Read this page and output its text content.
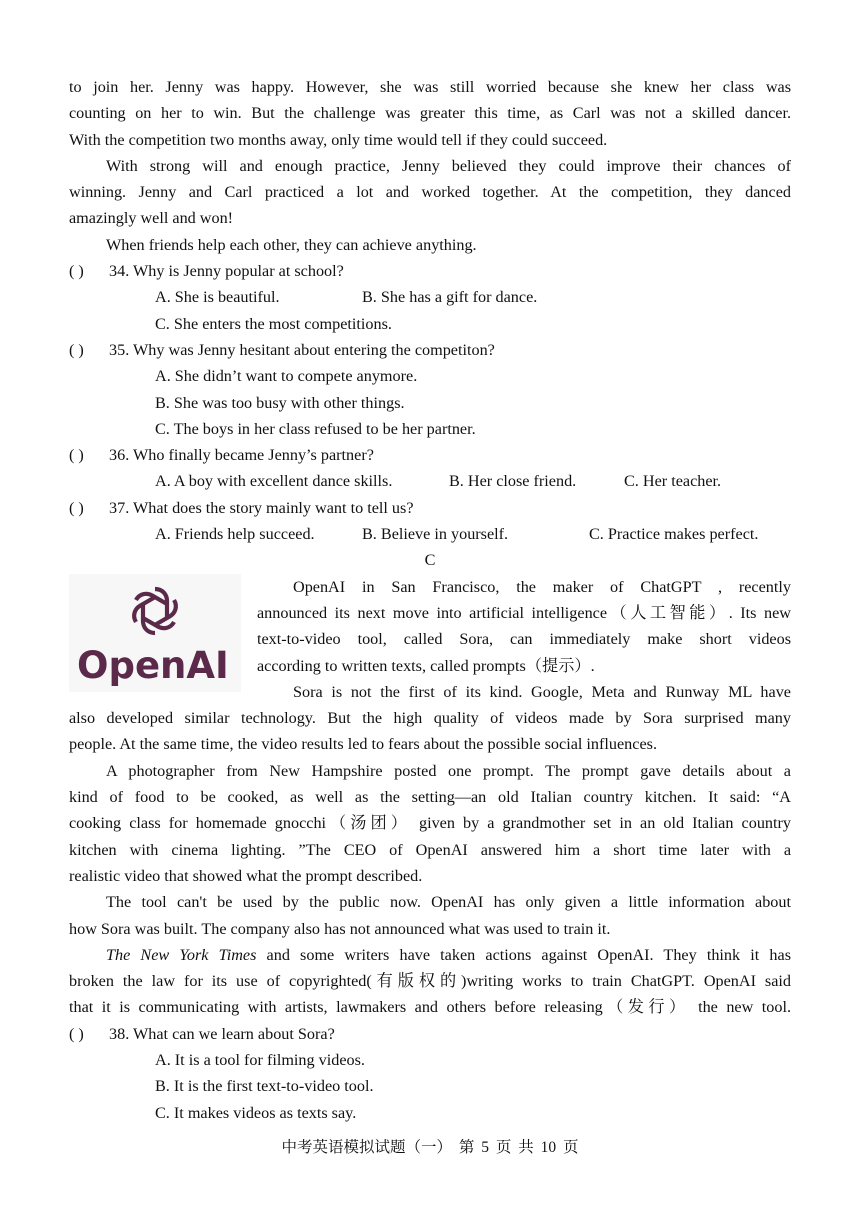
to join her. Jenny was happy. However, she was still worried because she knew her class was
counting on her to win. But the challenge was greater this time, as Carl was not a skilled dancer.
With the competition two months away, only time would tell if they could succeed.
With strong will and enough practice, Jenny believed they could improve their chances of
winning. Jenny and Carl practiced a lot and worked together. At the competition, they danced
amazingly well and won!
When friends help each other, they can achieve anything.
( ) 34. Why is Jenny popular at school?
A. She is beautiful.	B. She has a gift for dance.
C. She enters the most competitions.
( ) 35. Why was Jenny hesitant about entering the competiton?
A. She didn’t want to compete anymore.
B. She was too busy with other things.
C. The boys in her class refused to be her partner.
( ) 36. Who finally became Jenny’s partner?
A. A boy with excellent dance skills.	B. Her close friend.	C. Her teacher.
( ) 37. What does the story mainly want to tell us?
A. Friends help succeed.	B. Believe in yourself.	C. Practice makes perfect.
C
OpenAI
OpenAI in San Francisco, the maker of ChatGPT , recently
announced its next move into artificial intelligence（人工智能）. Its new
text-to-video tool, called Sora, can immediately make short videos
according to written texts, called prompts（提示）.
Sora is not the first of its kind. Google, Meta and Runway ML have
also developed similar technology. But the high quality of videos made by Sora surprised many
people. At the same time, the video results led to fears about the possible social influences.
A photographer from New Hampshire posted one prompt. The prompt gave details about a
kind of food to be cooked, as well as the setting—an old Italian country kitchen. It said: “A
cooking class for homemade gnocchi（汤团） given by a grandmother set in an old Italian country
kitchen with cinema lighting. ”The CEO of OpenAI answered him a short time later with a
realistic video that showed what the prompt described.
The tool can't be used by the public now. OpenAI has only given a little information about
how Sora was built. The company also has not announced what was used to train it.
The New York Times and some writers have taken actions against OpenAI. They think it has
broken the law for its use of copyrighted(有版权的)writing works to train ChatGPT. OpenAI said
that it is communicating with artists, lawmakers and others before releasing（发行） the new tool.
( ) 38. What can we learn about Sora?
A. It is a tool for filming videos.
B. It is the first text-to-video tool.
C. It makes videos as texts say.
中考英语模拟试题（一） 第 5 页 共 10 页
